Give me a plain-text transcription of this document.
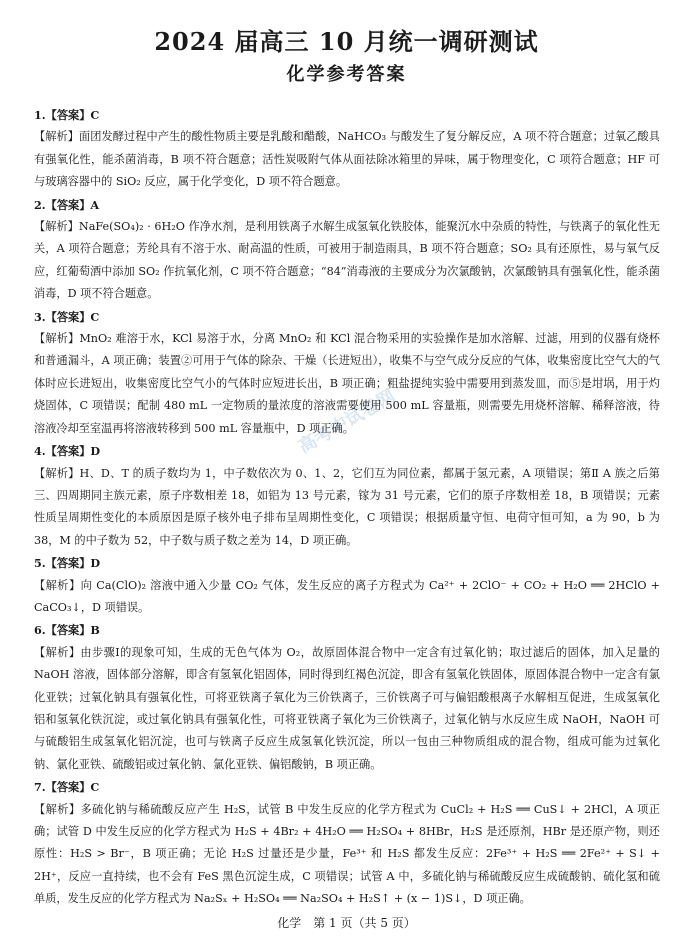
2024 届高三 10 月统一调研测试
化学参考答案
高考中试卷网
1.【答案】C
【解析】面团发酵过程中产生的酸性物质主要是乳酸和醋酸，NaHCO₃ 与酸发生了复分解反应，A 项不符合题意；过氧乙酸具有强氧化性，能杀菌消毒，B 项不符合题意；活性炭吸附气体从面祛除冰箱里的异味，属于物理变化，C 项符合题意；HF 可与玻璃容器中的 SiO₂ 反应，属于化学变化，D 项不符合题意。
2.【答案】A
【解析】NaFe(SO₄)₂ · 6H₂O 作净水剂，是利用铁离子水解生成氢氧化铁胶体，能聚沉水中杂质的特性，与铁离子的氧化性无关，A 项符合题意；芳纶具有不溶于水、耐高温的性质，可被用于制造雨具，B 项不符合题意；SO₂ 具有还原性，易与氧气反应，红葡萄酒中添加 SO₂ 作抗氧化剂，C 项不符合题意；“84”消毒液的主要成分为次氯酸钠，次氯酸钠具有强氧化性，能杀菌消毒，D 项不符合题意。
3.【答案】C
【解析】MnO₂ 难溶于水，KCl 易溶于水，分离 MnO₂ 和 KCl 混合物采用的实验操作是加水溶解、过滤，用到的仪器有烧杯和普通漏斗，A 项正确；装置②可用于气体的除杂、干燥（长进短出），收集不与空气成分反应的气体，收集密度比空气大的气体时应长进短出，收集密度比空气小的气体时应短进长出，B 项正确；粗盐提纯实验中需要用到蒸发皿，而⑤是坩埚，用于灼烧固体，C 项错误；配制 480 mL 一定物质的量浓度的溶液需要使用 500 mL 容量瓶，则需要先用烧杯溶解、稀释溶液，待溶液冷却至室温再将溶液转移到 500 mL 容量瓶中，D 项正确。
4.【答案】D
【解析】H、D、T 的质子数均为 1，中子数依次为 0、1、2，它们互为同位素，都属于氢元素，A 项错误；第Ⅱ A 族之后第三、四周期同主族元素，原子序数相差 18，如铝为 13 号元素，镓为 31 号元素，它们的原子序数相差 18，B 项错误；元素性质呈周期性变化的本质原因是原子核外电子排布呈周期性变化，C 项错误；根据质量守恒、电荷守恒可知，a 为 90，b 为 38，M 的中子数为 52，中子数与质子数之差为 14，D 项正确。
5.【答案】D
【解析】向 Ca(ClO)₂ 溶液中通入少量 CO₂ 气体，发生反应的离子方程式为 Ca²⁺ + 2ClO⁻ + CO₂ + H₂O ══ 2HClO + CaCO₃↓，D 项错误。
6.【答案】B
【解析】由步骤Ⅰ的现象可知，生成的无色气体为 O₂，故原固体混合物中一定含有过氧化钠；取过滤后的固体，加入足量的 NaOH 溶液，固体部分溶解，即含有氢氧化铝固体，同时得到红褐色沉淀，即含有氢氧化铁固体，原固体混合物中一定含有氯化亚铁；过氧化钠具有强氧化性，可将亚铁离子氧化为三价铁离子，三价铁离子可与偏铝酸根离子水解相互促进，生成氢氧化铝和氢氧化铁沉淀，或过氧化钠具有强氧化性，可将亚铁离子氧化为三价铁离子，过氧化钠与水反应生成 NaOH，NaOH 可与硫酸铝生成氢氧化铝沉淀，也可与铁离子反应生成氢氧化铁沉淀，所以一包由三种物质组成的混合物，组成可能为过氧化钠、氯化亚铁、硫酸铝或过氧化钠、氯化亚铁、偏铝酸钠，B 项正确。
7.【答案】C
【解析】多硫化钠与稀硫酸反应产生 H₂S，试管 B 中发生反应的化学方程式为 CuCl₂ + H₂S ══ CuS↓ + 2HCl，A 项正确；试管 D 中发生反应的化学方程式为 H₂S + 4Br₂ + 4H₂O ══ H₂SO₄ + 8HBr，H₂S 是还原剂，HBr 是还原产物，则还原性：H₂S > Br⁻，B 项正确；无论 H₂S 过量还是少量，Fe³⁺ 和 H₂S 都发生反应：2Fe³⁺ + H₂S ══ 2Fe²⁺ + S↓ + 2H⁺，反应一直持续，也不会有 FeS 黑色沉淀生成，C 项错误；试管 A 中，多硫化钠与稀硫酸反应生成硫酸钠、硫化氢和硫单质，发生反应的化学方程式为 Na₂Sₓ + H₂SO₄ ══ Na₂SO₄ + H₂S↑ + (x − 1)S↓，D 项正确。
化学　第 1 页（共 5 页）
